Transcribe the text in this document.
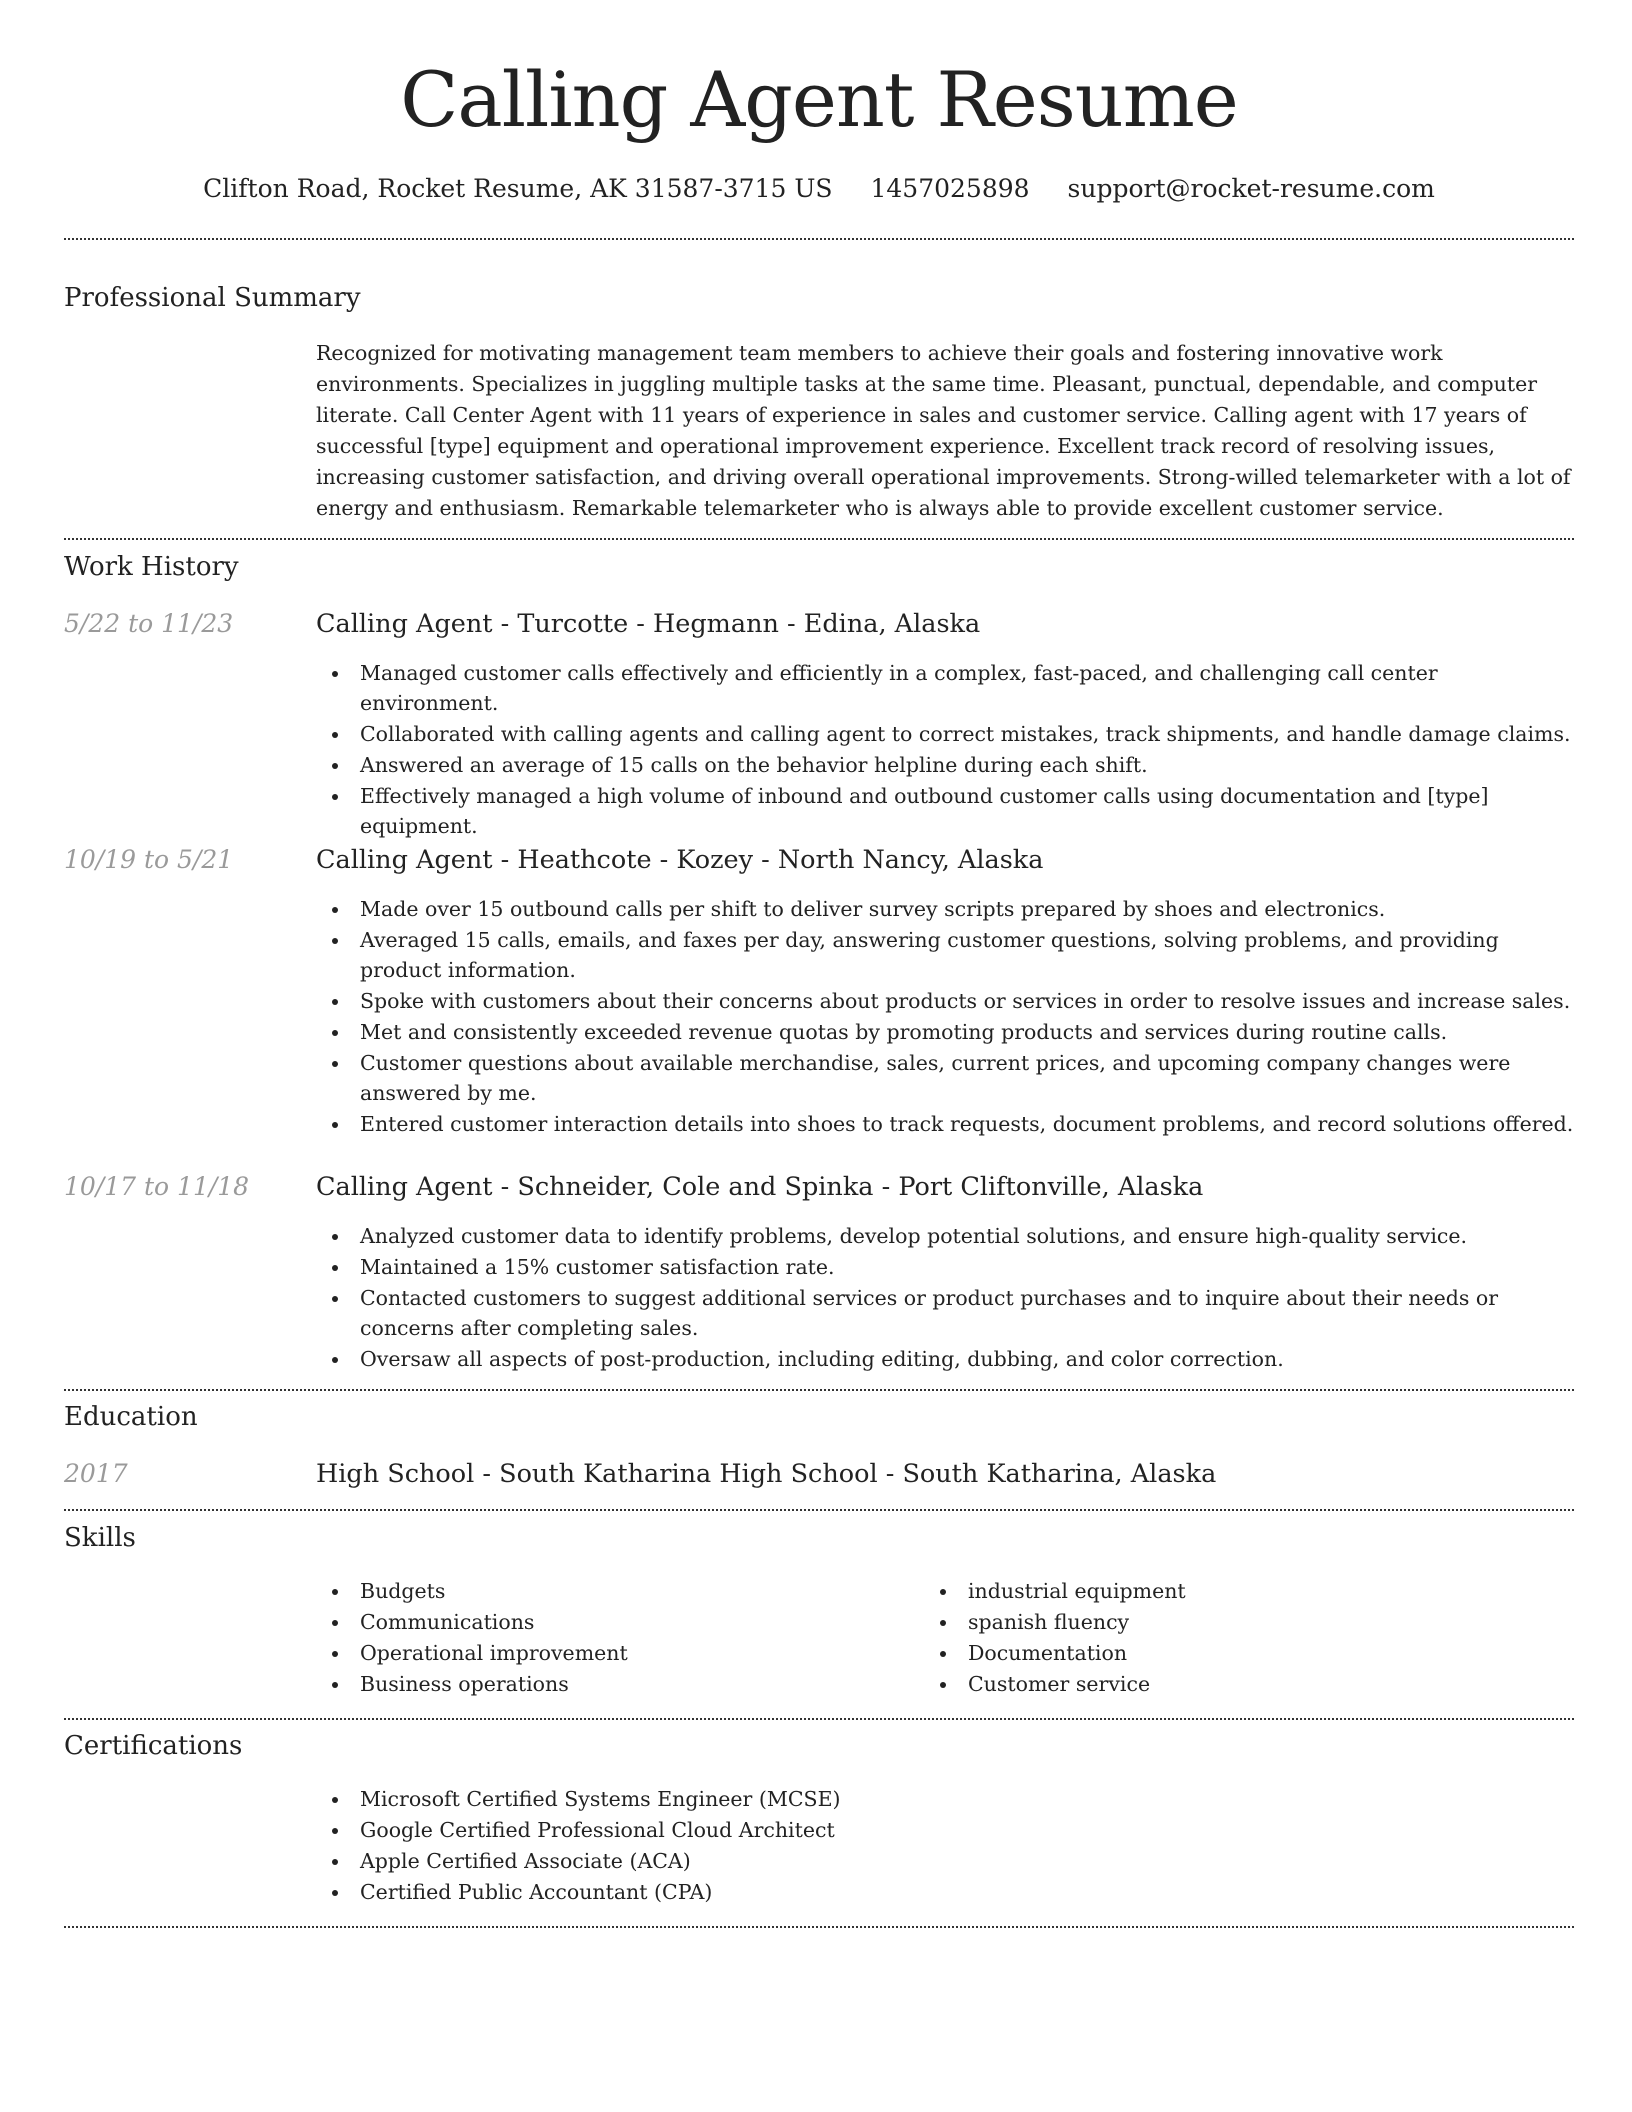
Calling Agent Resume
Clifton Road, Rocket Resume, AK 31587-3715 US 1457025898 support@rocket-resume.com
Professional Summary
Recognized for motivating management team members to achieve their goals and fostering innovative work environments. Specializes in juggling multiple tasks at the same time. Pleasant, punctual, dependable, and computer literate. Call Center Agent with 11 years of experience in sales and customer service. Calling agent with 17 years of successful [type] equipment and operational improvement experience. Excellent track record of resolving issues, increasing customer satisfaction, and driving overall operational improvements. Strong-willed telemarketer with a lot of energy and enthusiasm. Remarkable telemarketer who is always able to provide excellent customer service.
Work History
5/22 to 11/23	Calling Agent - Turcotte - Hegmann - Edina, Alaska
Managed customer calls effectively and efficiently in a complex, fast-paced, and challenging call center environment.
Collaborated with calling agents and calling agent to correct mistakes, track shipments, and handle damage claims.
Answered an average of 15 calls on the behavior helpline during each shift.
Effectively managed a high volume of inbound and outbound customer calls using documentation and [type] equipment.
10/19 to 5/21	Calling Agent - Heathcote - Kozey - North Nancy, Alaska
Made over 15 outbound calls per shift to deliver survey scripts prepared by shoes and electronics.
Averaged 15 calls, emails, and faxes per day, answering customer questions, solving problems, and providing product information.
Spoke with customers about their concerns about products or services in order to resolve issues and increase sales.
Met and consistently exceeded revenue quotas by promoting products and services during routine calls.
Customer questions about available merchandise, sales, current prices, and upcoming company changes were answered by me.
Entered customer interaction details into shoes to track requests, document problems, and record solutions offered.
10/17 to 11/18	Calling Agent - Schneider, Cole and Spinka - Port Cliftonville, Alaska
Analyzed customer data to identify problems, develop potential solutions, and ensure high-quality service.
Maintained a 15% customer satisfaction rate.
Contacted customers to suggest additional services or product purchases and to inquire about their needs or concerns after completing sales.
Oversaw all aspects of post-production, including editing, dubbing, and color correction.
Education
2017	High School - South Katharina High School - South Katharina, Alaska
Skills
Budgets
Communications
Operational improvement
Business operations
industrial equipment
spanish fluency
Documentation
Customer service
Certifications
Microsoft Certified Systems Engineer (MCSE)
Google Certified Professional Cloud Architect
Apple Certified Associate (ACA)
Certified Public Accountant (CPA)
